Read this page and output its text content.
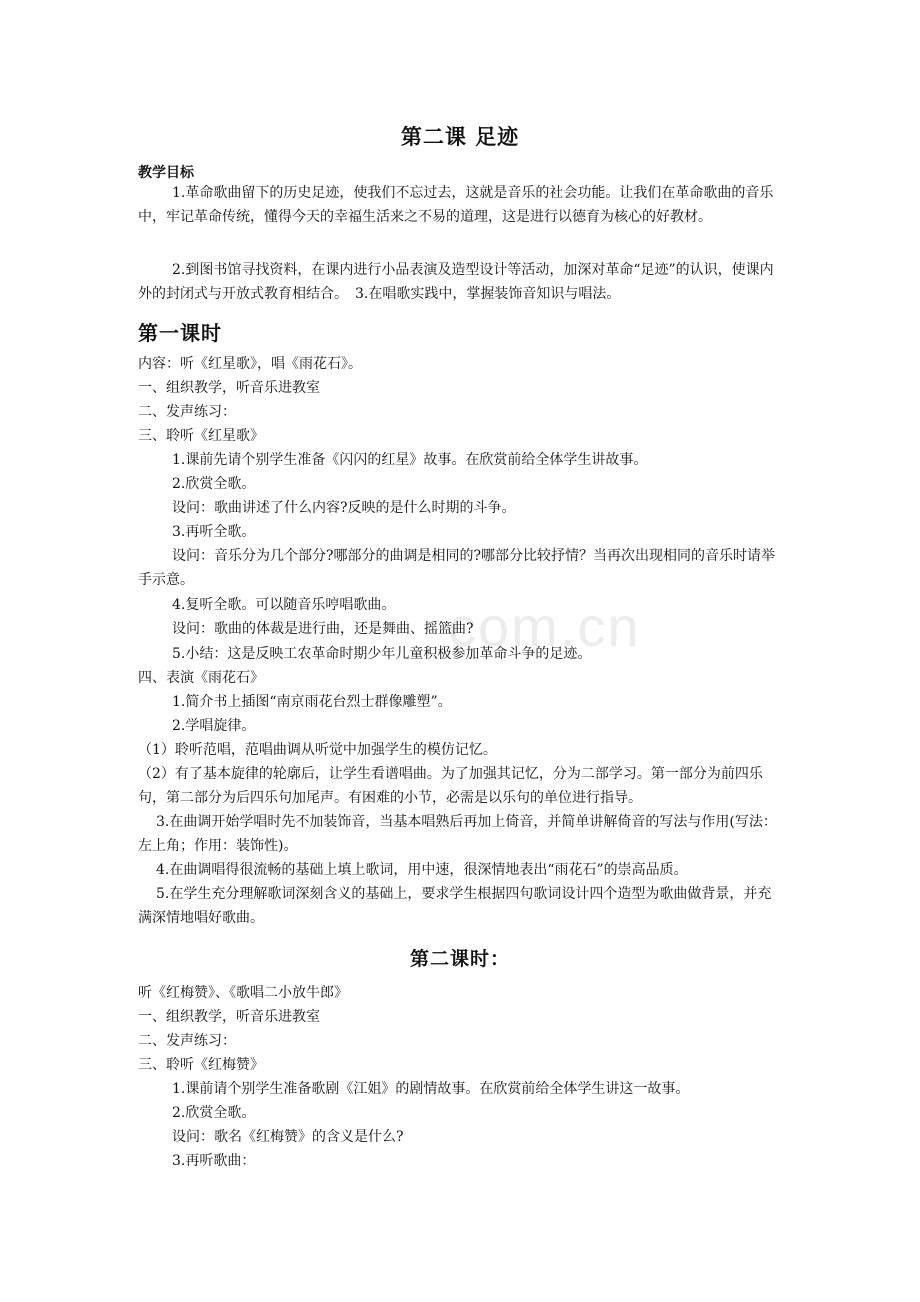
com.cn
第二课 足迹
教学目标
1.革命歌曲留下的历史足迹，使我们不忘过去，这就是音乐的社会功能。让我们在革命歌曲的音乐中，牢记革命传统，懂得今天的幸福生活来之不易的道理，这是进行以德育为核心的好教材。
2.到图书馆寻找资料，在课内进行小品表演及造型设计等活动，加深对革命“足迹”的认识，使课内外的封闭式与开放式教育相结合。　3.在唱歌实践中，掌握装饰音知识与唱法。
第一课时
内容：听《红星歌》，唱《雨花石》。
一、组织教学，听音乐进教室
二、发声练习：
三、聆听《红星歌》
1.课前先请个别学生准备《闪闪的红星》故事。在欣赏前给全体学生讲故事。
2.欣赏全歌。
设问：歌曲讲述了什么内容?反映的是什么时期的斗争。
3.再听全歌。
设问：音乐分为几个部分?哪部分的曲调是相同的?哪部分比较抒情？当再次出现相同的音乐时请举手示意。
4.复听全歌。可以随音乐哼唱歌曲。
设问：歌曲的体裁是进行曲，还是舞曲、摇篮曲?
5.小结：这是反映工农革命时期少年儿童积极参加革命斗争的足迹。
四、表演《雨花石》
1.简介书上插图“南京雨花台烈士群像雕塑”。
2.学唱旋律。
（1）聆听范唱，范唱曲调从听觉中加强学生的模仿记忆。
（2）有了基本旋律的轮廓后，让学生看谱唱曲。为了加强其记忆，分为二部学习。第一部分为前四乐句，第二部分为后四乐句加尾声。有困难的小节，必需是以乐句的单位进行指导。
3.在曲调开始学唱时先不加装饰音，当基本唱熟后再加上倚音，并简单讲解倚音的写法与作用(写法：左上角；作用：装饰性)。
4.在曲调唱得很流畅的基础上填上歌词，用中速，很深情地表出“雨花石”的崇高品质。
5.在学生充分理解歌词深刻含义的基础上，要求学生根据四句歌词设计四个造型为歌曲做背景，并充满深情地唱好歌曲。
第二课时：
听《红梅赞》、《歌唱二小放牛郎》
一、组织教学，听音乐进教室
二、发声练习：
三、聆听《红梅赞》
1.课前请个别学生准备歌剧《江姐》的剧情故事。在欣赏前给全体学生讲这一故事。
2.欣赏全歌。
设问：歌名《红梅赞》的含义是什么?
3.再听歌曲：
